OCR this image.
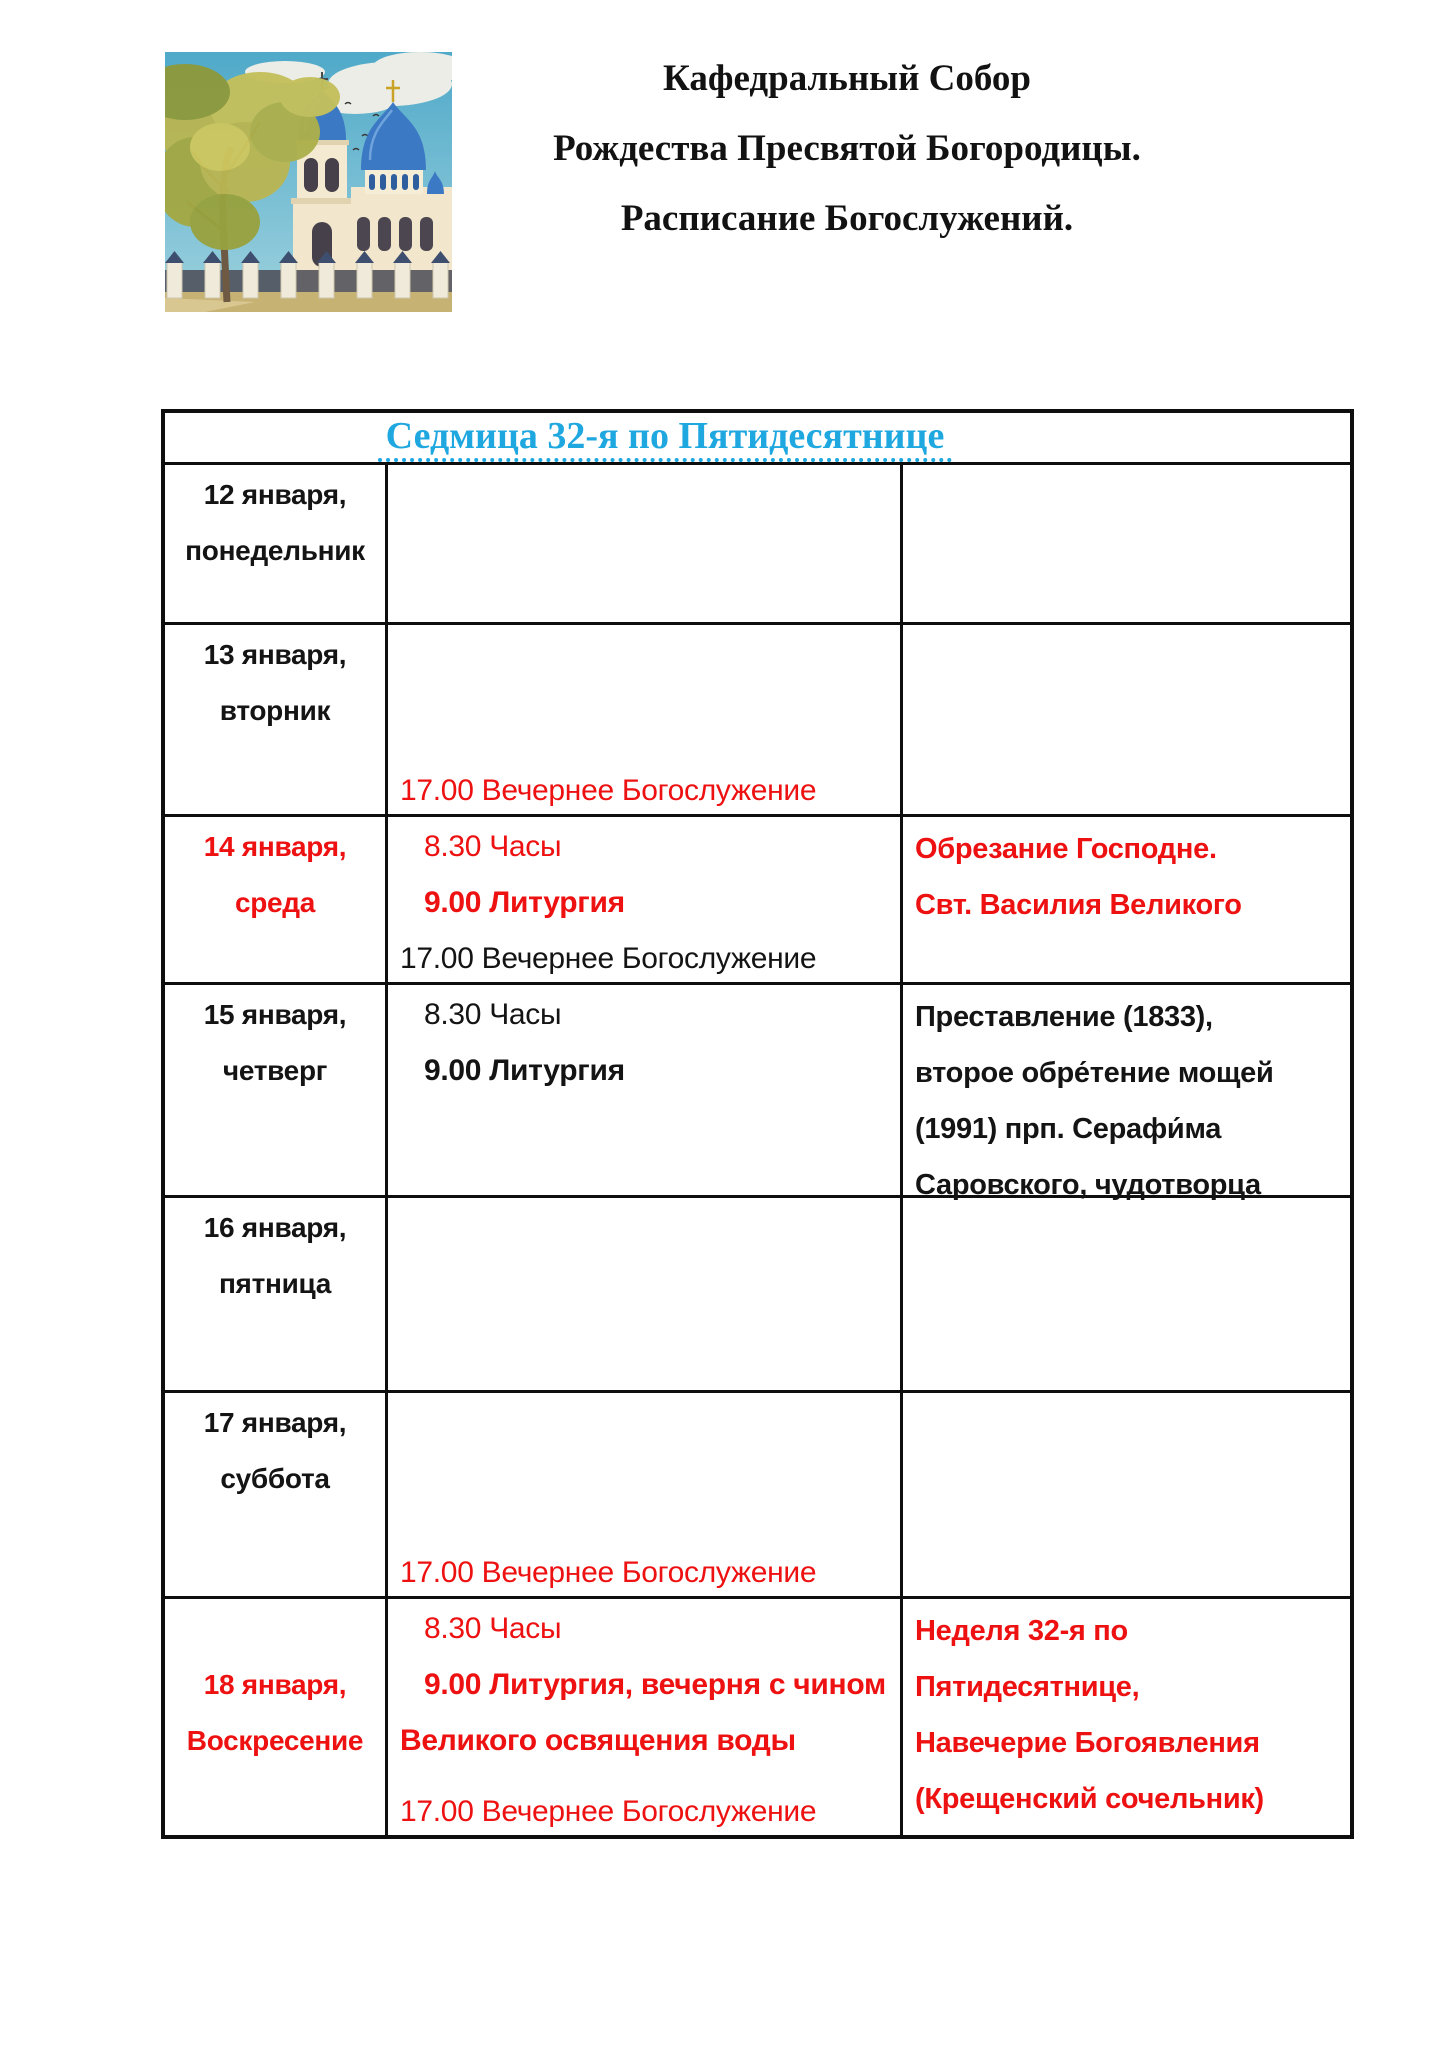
Кафедральный Собор
Рождества Пресвятой Богородицы.
Расписание Богослужений.
Седмица 32-я по Пятидесятнице
12 января,
понедельник
13 января,
вторник
17.00 Вечернее Богослужение
14 января,
среда
8.30 Часы
9.00 Литургия
17.00 Вечернее Богослужение
Обрезание Господне.
Свт. Василия Великого
15 января,
четверг
8.30 Часы
9.00 Литургия
Преставление (1833),
второе обре́тение мощей
(1991) прп. Серафи́ма
Саровского, чудотворца
16 января,
пятница
17 января,
суббота
17.00 Вечернее Богослужение
18 января,
Воскресение
8.30 Часы
9.00 Литургия, вечерня с чином
Великого освящения воды
17.00 Вечернее Богослужение
Неделя 32-я по
Пятидесятнице,
Навечерие Богоявления
(Крещенский сочельник)
